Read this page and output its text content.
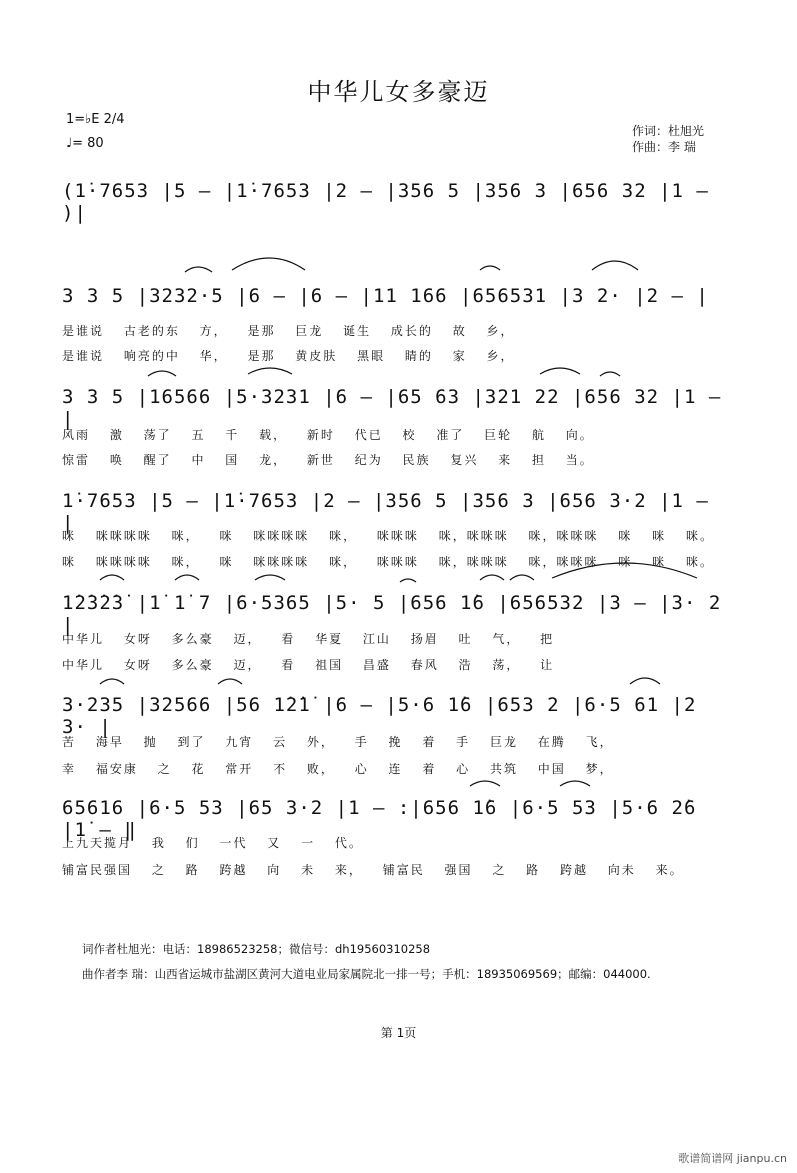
中华儿女多豪迈
1=♭E 2/4
♩= 80
作词：杜旭光
作曲：李 瑞
(1̇·7653 |5 – |1̇·7653 |2 – |356 5 |356 3 |656 32 |1 – )|
3 3 5 |3232·5 |6 – |6 – |11 166 |656531 |3 2· |2 – |
是谁说 古老的东 方， 是那 巨龙 诞生 成长的 故 乡，
是谁说 响亮的中 华， 是那 黄皮肤 黑眼 睛的 家 乡，
3 3 5 |16566 |5·3231 |6 – |65 63 |321 22 |656 32 |1 – |
风雨 激 荡了 五 千 载， 新时 代已 校 准了 巨轮 航 向。
惊雷 唤 醒了 中 国 龙， 新世 纪为 民族 复兴 来 担 当。
1̇·7653 |5 – |1̇·7653 |2 – |356 5 |356 3 |656 3·2 |1 – |
咪 咪咪咪咪 咪， 咪 咪咪咪咪 咪， 咪咪咪 咪，咪咪咪 咪，咪咪咪 咪 咪 咪。
咪 咪咪咪咪 咪， 咪 咪咪咪咪 咪， 咪咪咪 咪，咪咪咪 咪，咪咪咪 咪 咪 咪。
1̇2̇3̇2̇3̇ |1̇ 1̇ 7 |6·5365 |5· 5 |656 1̇6 |656532 |3 – |3· 2 |
中华儿 女呀 多么豪 迈， 看 华夏 江山 扬眉 吐 气， 把
中华儿 女呀 多么豪 迈， 看 祖国 昌盛 春风 浩 荡， 让
3·235 |32566 |56 1̇2̇1̇ |6 – |5·6 1̇6 |653 2 |6·5 61 |2 3· |
苦 海早 抛 到了 九宵 云 外， 手 挽 着 手 巨龙 在腾 飞，
幸 福安康 之 花 常开 不 败， 心 连 着 心 共筑 中国 梦，
65616 |6·5 53 |65 3·2 |1 – :|656 1̇6 |6·5 53 |5·6 2̇6 |1̇ – ‖
上九天揽月 我 们 一代 又 一 代。
铺富民强国 之 路 跨越 向 未 来， 铺富民 强国 之 路 跨越 向未 来。
词作者杜旭光：电话：18986523258；微信号：dh19560310258
曲作者李 瑞：山西省运城市盐湖区黄河大道电业局家属院北一排一号；手机：18935069569；邮编：044000.
第 1页
歌谱简谱网 jianpu.cn
